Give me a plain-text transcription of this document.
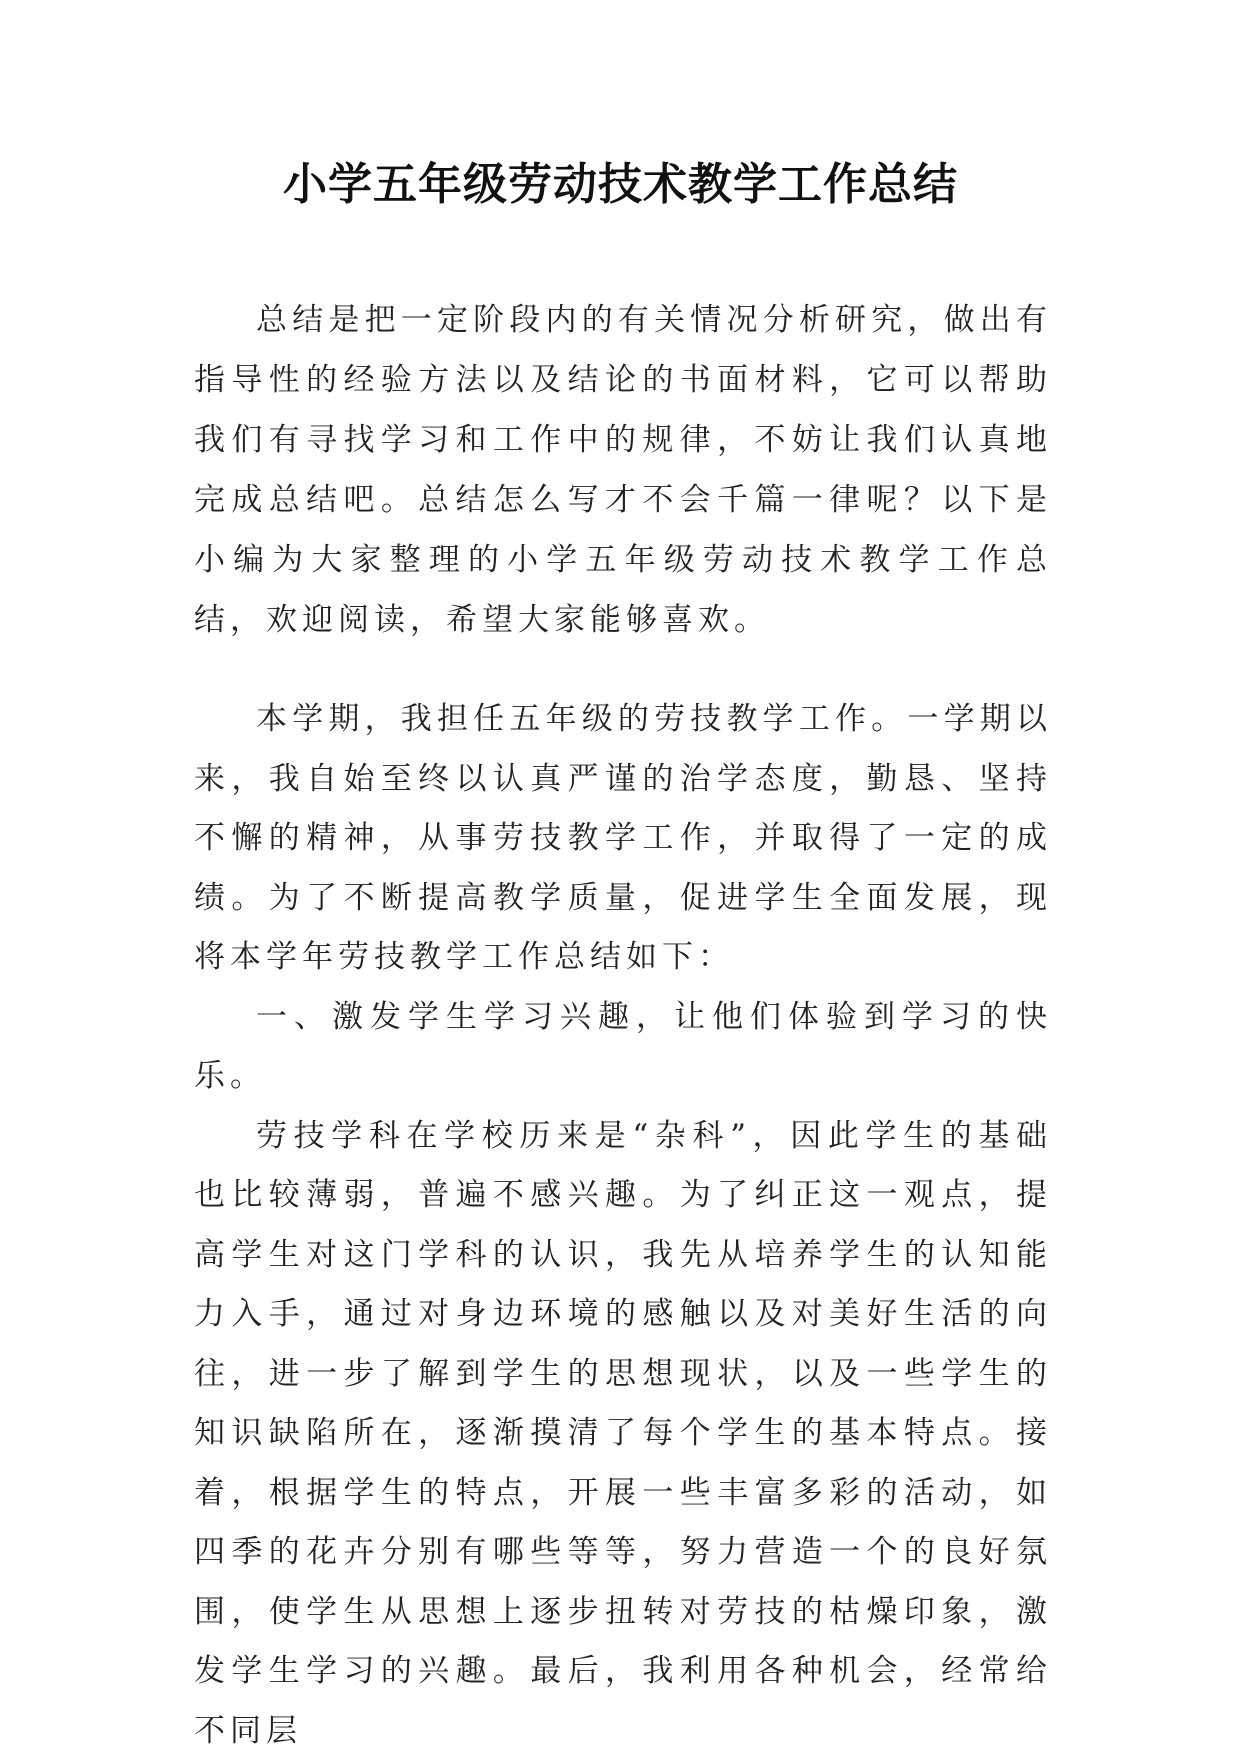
小学五年级劳动技术教学工作总结

总结是把一定阶段内的有关情况分析研究，做出有指导性的经验方法以及结论的书面材料，它可以帮助我们有寻找学习和工作中的规律，不妨让我们认真地完成总结吧。总结怎么写才不会千篇一律呢？以下是小编为大家整理的小学五年级劳动技术教学工作总结，欢迎阅读，希望大家能够喜欢。

本学期，我担任五年级的劳技教学工作。一学期以来，我自始至终以认真严谨的治学态度，勤恳、坚持不懈的精神，从事劳技教学工作，并取得了一定的成绩。为了不断提高教学质量，促进学生全面发展，现将本学年劳技教学工作总结如下：

一、激发学生学习兴趣，让他们体验到学习的快乐。

劳技学科在学校历来是“杂科”，因此学生的基础也比较薄弱，普遍不感兴趣。为了纠正这一观点，提高学生对这门学科的认识，我先从培养学生的认知能力入手，通过对身边环境的感触以及对美好生活的向往，进一步了解到学生的思想现状，以及一些学生的知识缺陷所在，逐渐摸清了每个学生的基本特点。接着，根据学生的特点，开展一些丰富多彩的活动，如四季的花卉分别有哪些等等，努力营造一个的良好氛围，使学生从思想上逐步扭转对劳技的枯燥印象，激发学生学习的兴趣。最后，我利用各种机会，经常给不同层
